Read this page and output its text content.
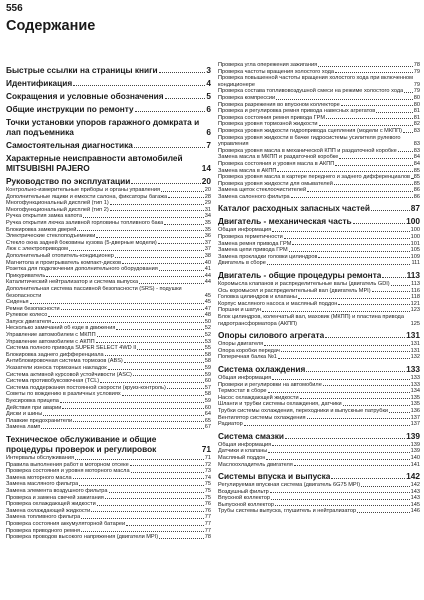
556
Содержание
Быстрые ссылки на страницы книги	3
Идентификация	4
Сокращения и условные обозначения	5
Общие инструкции по ремонту	6
Точки установки упоров гаражного домкрата и лап подъемника	6
Самостоятельная диагностика	7
Характерные неисправности автомобилей MITSUBISHI PAJERO	14
Руководство по эксплуатации	20
Контрольно-измерительные приборы и органы управления	20
Дополнительные ящики и емкости салона, фиксаторы багажа	28
Многофункциональный дисплей (тип 1)	29
Многофункциональный дисплей (тип 2)	31
Ручка открытия замка капота	34
Ручка открытия лючка заливной горловины топливного бака	35
Блокировка замков дверей	35
Электрические стеклоподъемники	36
Стекло окна задней боковины кузова (5-дверные модели)	37
Люк с электроприводом	37
Дополнительный отопитель-кондиционер	38
Магнитола и проигрыватель компакт-дисков	40
Розетка для подключения дополнительного оборудования	41
Прикуриватель	44
Каталитический нейтрализатор и система выпуска	44
Дополнительная система пассивной безопасности (SRS) - подушки безопасности	45
Сиденья	45
Ремни безопасности	47
Рулевое колесо	48
Запуск двигателя	50
Несколько замечаний об езде в движения	52
Управление автомобилем с МКПП	52
Управление автомобилем с АКПП	53
Система полного привода SUPER SELECT 4WD II	55
Блокировка заднего дифференциала	58
Антиблокировочная система тормозов (ABS)	58
Указатели износа тормозных накладок	59
Система активной курсовой устойчивости (ASC)	59
Система противобуксовочная (TCL)	60
Система поддержания постоянной скорости (круиз-контроль)	57
Советы по вождению в различных условиях	58
Буксировка прицепа	59
Действия при аварии	60
Диски и шины	64
Плавкие предохранители	65
Замена ламп	67
Техническое обслуживание и общие процедуры проверок и регулировок	71
Интервалы обслуживания	71
Правила выполнения работ в моторном отсеке	72
Проверка состояния и уровня моторного масла	73
Замена моторного масла	74
Замена масляного фильтра	75
Замена элемента воздушного фильтра	75
Проверка и замена свечей зажигания	75
Проверка охлаждающей жидкости	76
Замена охлаждающей жидкости	76
Замена топливного фильтра	77
Проверка состояния аккумуляторной батареи	77
Проверка приводного ремня	77
Проверка проводов высокого напряжения (двигатели MPI)	78
Проверка угла опережения зажигания	78
Проверка частоты вращения холостого хода	79
Проверка повышенной частоты вращения холостого хода при включенном кондиционере	79
Проверка состава топливовоздушной смеси на режиме холостого хода 79
Проверка компрессии	80
Проверка разрежения во впускном коллекторе	80
Проверка и регулировка ремня привода навесных агрегатов	81
Проверка состояния ремня привода ГРМ	81
Проверка уровня тормозной жидкости	82
Проверка уровня жидкости гидропривода сцепления (модели с МКПП) 83
Проверка уровня жидкости в бачке гидросистемы усилителя рулевого управления	83
Проверка уровня масла в механической КПП и раздаточной коробке	83
Замена масла в МКПП и раздаточной коробке	84
Проверка состояния и уровня масла в АКПП	84
Замена масла в АКПП	85
Проверка уровня масла в картере переднего и заднего дифференциалов 85
Проверка уровня жидкости для омывателей	85
Замена щеток стеклоочистителей	86
Замена салонного фильтра	86
Каталог расходных запасных частей	87
Двигатель - механическая часть	100
Общая информация	100
Проверка герметичности	100
Замена ремня привода ГРМ	101
Замена цепи привода ГРМ	105
Замена прокладки головки цилиндров	109
Двигатель в сборе	111
Двигатель - общие процедуры ремонта	113
Коромысла клапанов и распределительные валы (двигатель GDI)	113
Ось коромысел и распределительный вал (двигатель MPI)	116
Головка цилиндров и клапаны	118
Корпус масляного насоса и масляный поддон	121
Поршни и шатун	123
Блок цилиндров, коленчатый вал, маховик (МКПП) и пластина привода гидротрансформатора (АКПП)	125
Опоры силового агрегата	131
Опоры двигателя	131
Опора коробки передач	131
Поперечная балка №1	132
Система охлаждения	133
Общая информация	133
Проверки и регулировки на автомобиле	133
Термостат в сборе	134
Насос охлаждающей жидкости	135
Шланги и трубки системы охлаждения, датчики	135
Трубки системы охлаждения, переходники и выпускные патрубки	136
Вентилятор системы охлаждения	137
Радиатор	137
Система смазки	139
Общая информация	139
Датчики и клапаны	139
Масляный поддон	140
Маслоохладитель двигателя	141
Системы впуска и выпуска	142
Регулируемая впускная система (двигатель 6G75 MPI)	142
Воздушный фильтр	143
Впускной коллектор	143
Выпускной коллектор	145
Трубы системы выпуска, глушитель и нейтрализатор	146
